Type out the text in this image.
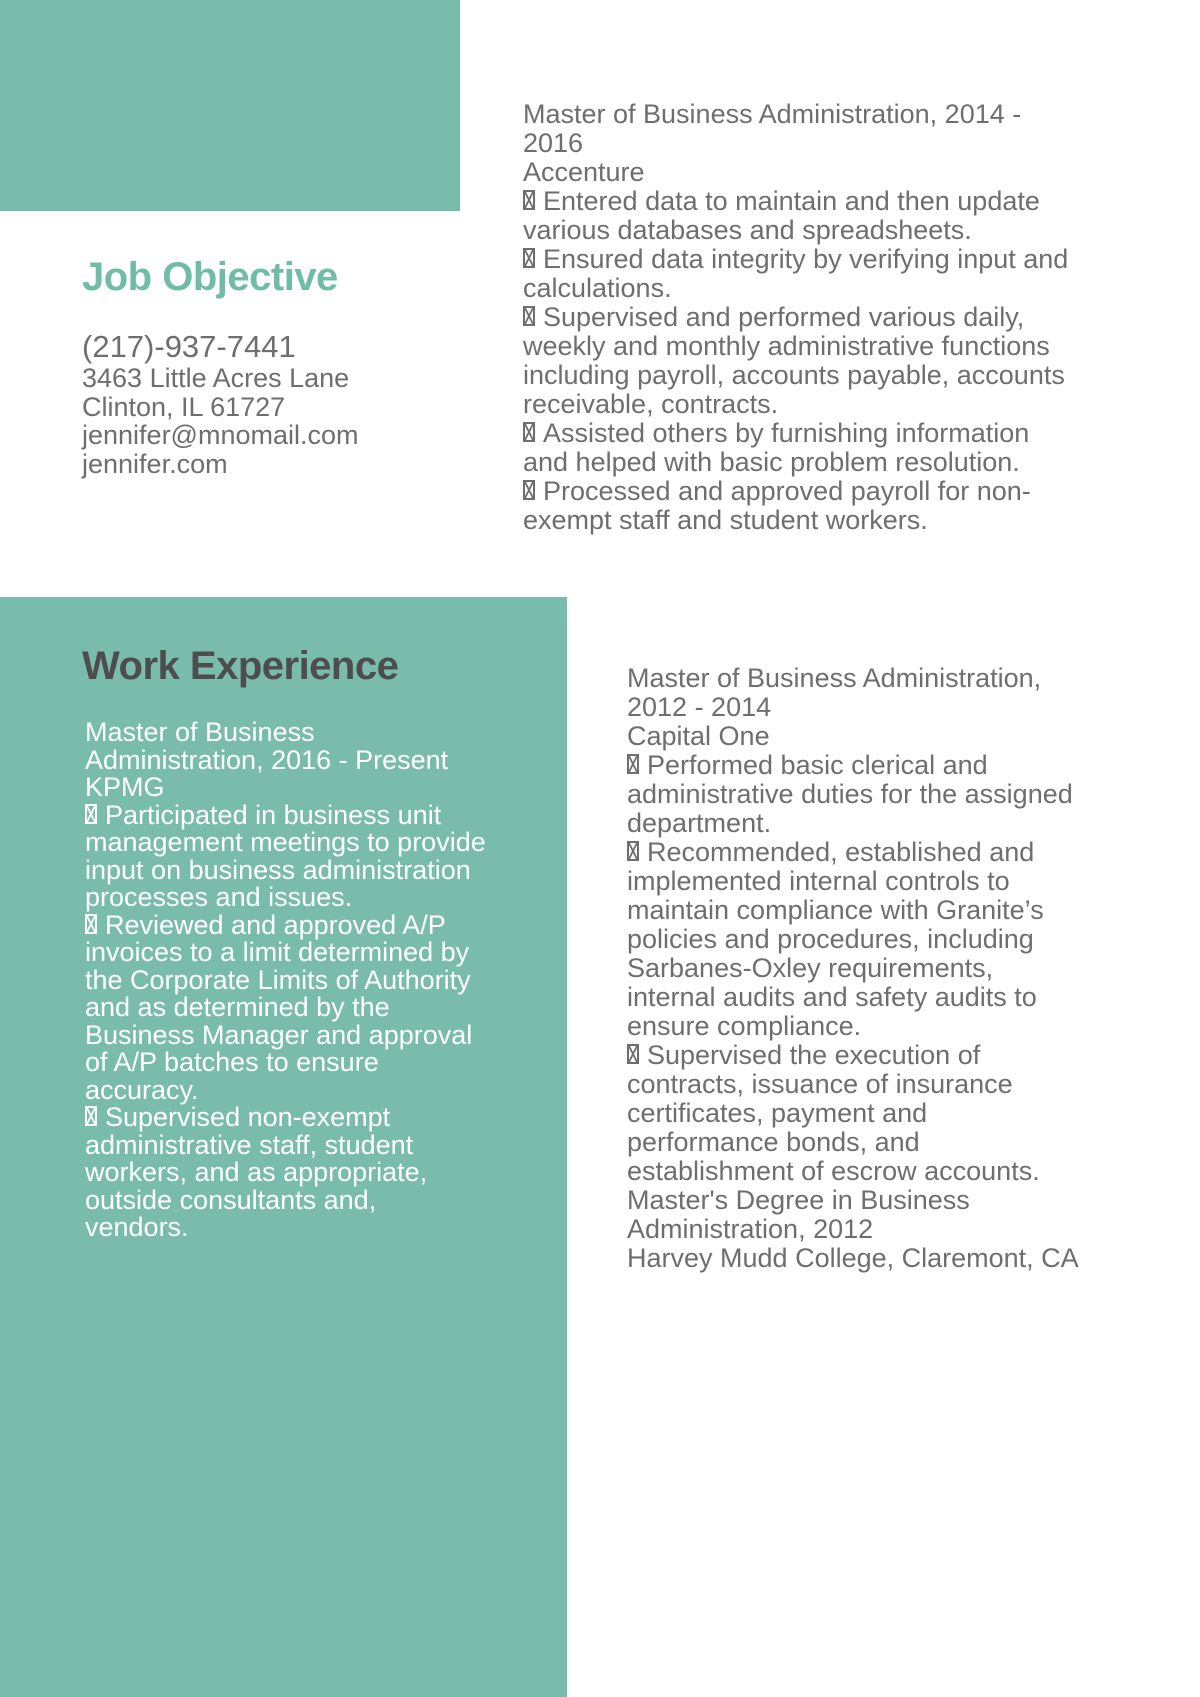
Job Objective
(217)-937-7441
3463 Little Acres Lane
Clinton, IL 61727
jennifer@mnomail.com
jennifer.com

Master of Business Administration, 2014 - 2016

Accenture

Entered data to maintain and then update various databases and spreadsheets.

Ensured data integrity by verifying input and calculations.

Supervised and performed various daily, weekly and monthly administrative functions including payroll, accounts payable, accounts receivable, contracts.

Assisted others by furnishing information and helped with basic problem resolution.

Processed and approved payroll for non-exempt staff and student workers.

Work Experience

Master of Business Administration, 2016 - Present

KPMG

Participated in business unit management meetings to provide input on business administration processes and issues.

Reviewed and approved A/P invoices to a limit determined by the Corporate Limits of Authority and as determined by the Business Manager and approval of A/P batches to ensure accuracy.

Supervised non-exempt administrative staff, student workers, and as appropriate, outside consultants and, vendors.

Master of Business Administration, 2012 - 2014

Capital One

Performed basic clerical and administrative duties for the assigned department.

Recommended, established and implemented internal controls to maintain compliance with Granite’s policies and procedures, including Sarbanes-Oxley requirements, internal audits and safety audits to ensure compliance.

Supervised the execution of contracts, issuance of insurance certificates, payment and performance bonds, and establishment of escrow accounts.

Master's Degree in Business Administration, 2012

Harvey Mudd College, Claremont, CA
